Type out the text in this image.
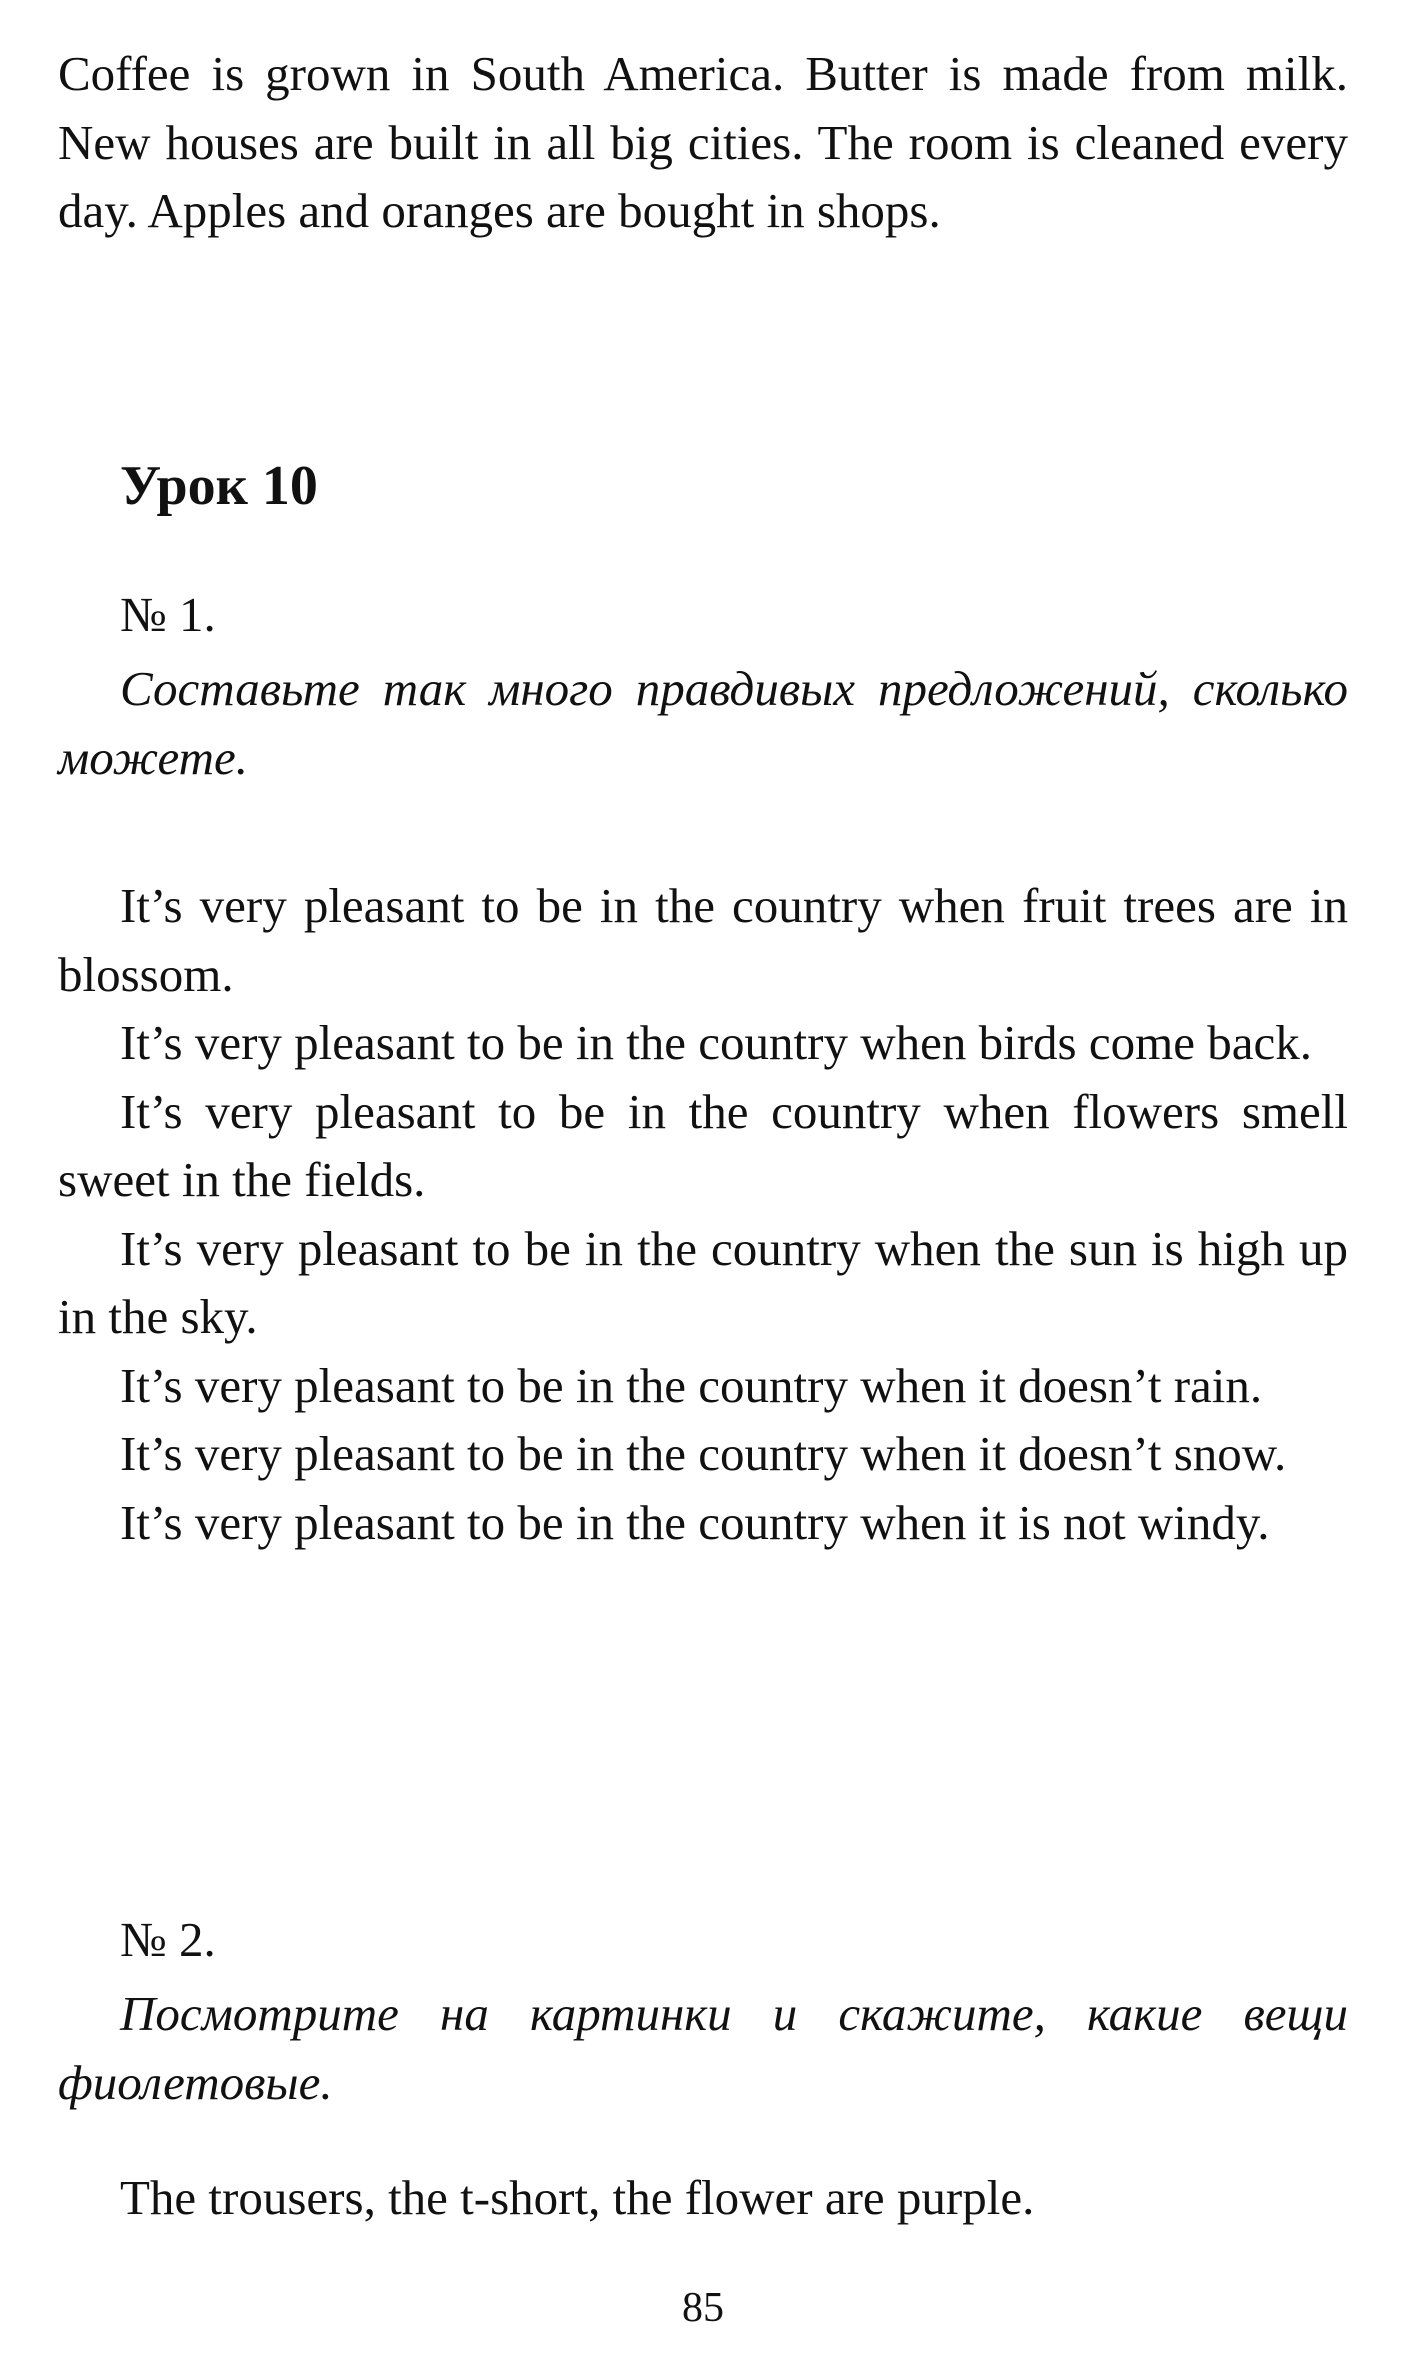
Coffee is grown in South America. Butter is made from milk. New houses are built in all big cities. The room is cleaned every day. Apples and oranges are bought in shops.

Урок 10
№ 1.

Составьте так много правдивых предложений, сколько можете.

It’s very pleasant to be in the country when fruit trees are in blossom.

It’s very pleasant to be in the country when birds come back.

It’s very pleasant to be in the country when flowers smell sweet in the fields.

It’s very pleasant to be in the country when the sun is high up in the sky.

It’s very pleasant to be in the country when it doesn’t rain.

It’s very pleasant to be in the country when it doesn’t snow.

It’s very pleasant to be in the country when it is not windy.

№ 2.

Посмотрите на картинки и скажите, какие вещи фиолетовые.

The trousers, the t-short, the flower are purple.

85
